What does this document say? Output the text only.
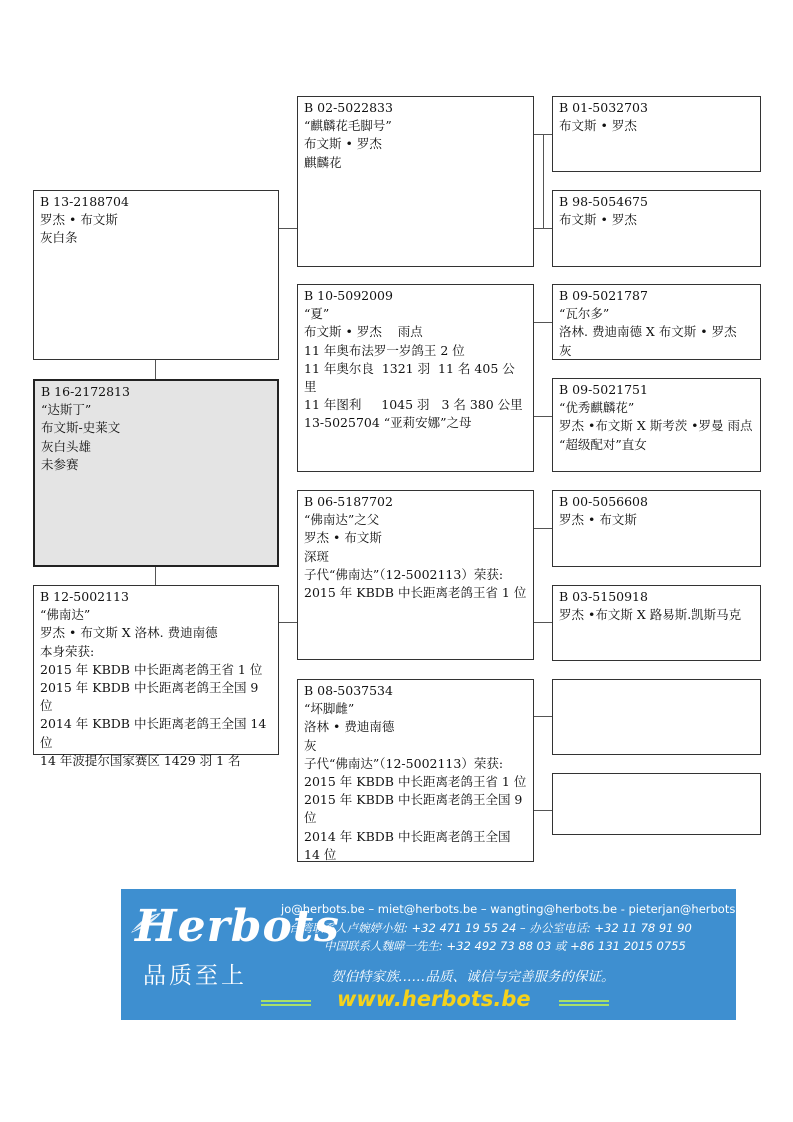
B 13-2188704
罗杰 • 布文斯
灰白条
B 16-2172813
“达斯丁”
布文斯-史莱文
灰白头雄
未参赛
B 12-5002113
“佛南达”
罗杰 • 布文斯 X 洛林. 费迪南德
本身荣获:
2015 年 KBDB 中长距离老鸽王省 1 位
2015 年 KBDB 中长距离老鸽王全国 9 位
2014 年 KBDB 中长距离老鸽王全国 14 位
14 年波提尔国家赛区 1429 羽 1 名
B 02-5022833
“麒麟花毛脚号”
布文斯 • 罗杰
麒麟花
B 10-5092009
“夏”
布文斯 • 罗杰    雨点
11 年奥布法罗一岁鸽王 2 位
11 年奥尔良  1321 羽  11 名 405 公里
11 年图利     1045 羽   3 名 380 公里
13-5025704 “亚莉安娜”之母
B 06-5187702
“佛南达”之父
罗杰 • 布文斯
深斑
子代“佛南达”（12-5002113）荣获:
2015 年 KBDB 中长距离老鸽王省 1 位
B 08-5037534
“坏脚雌”
洛林 • 费迪南德
灰
子代“佛南达”（12-5002113）荣获:
2015 年 KBDB 中长距离老鸽王省 1 位
2015 年 KBDB 中长距离老鸽王全国 9 位
2014 年 KBDB 中长距离老鸽王全国 14 位
B 01-5032703
布文斯 • 罗杰
B 98-5054675
布文斯 • 罗杰
B 09-5021787
“瓦尔多”
洛林. 费迪南德 X 布文斯 • 罗杰
灰
B 09-5021751
“优秀麒麟花”
罗杰 •布文斯 X 斯考茨 •罗曼 雨点
“超级配对”直女
B 00-5056608
罗杰 • 布文斯
B 03-5150918
罗杰 •布文斯 X 路易斯.凯斯马克
Herbots
品质至上
jo@herbots.be – miet@herbots.be – wangting@herbots.be - pieterjan@herbots.be
台湾联系人卢婉婷小姐: +32 471 19 55 24 – 办公室电话: +32 11 78 91 90
中国联系人魏暐一先生: +32 492 73 88 03 或 +86 131 2015 0755
贺伯特家族……品质、诚信与完善服务的保证。
www.herbots.be
